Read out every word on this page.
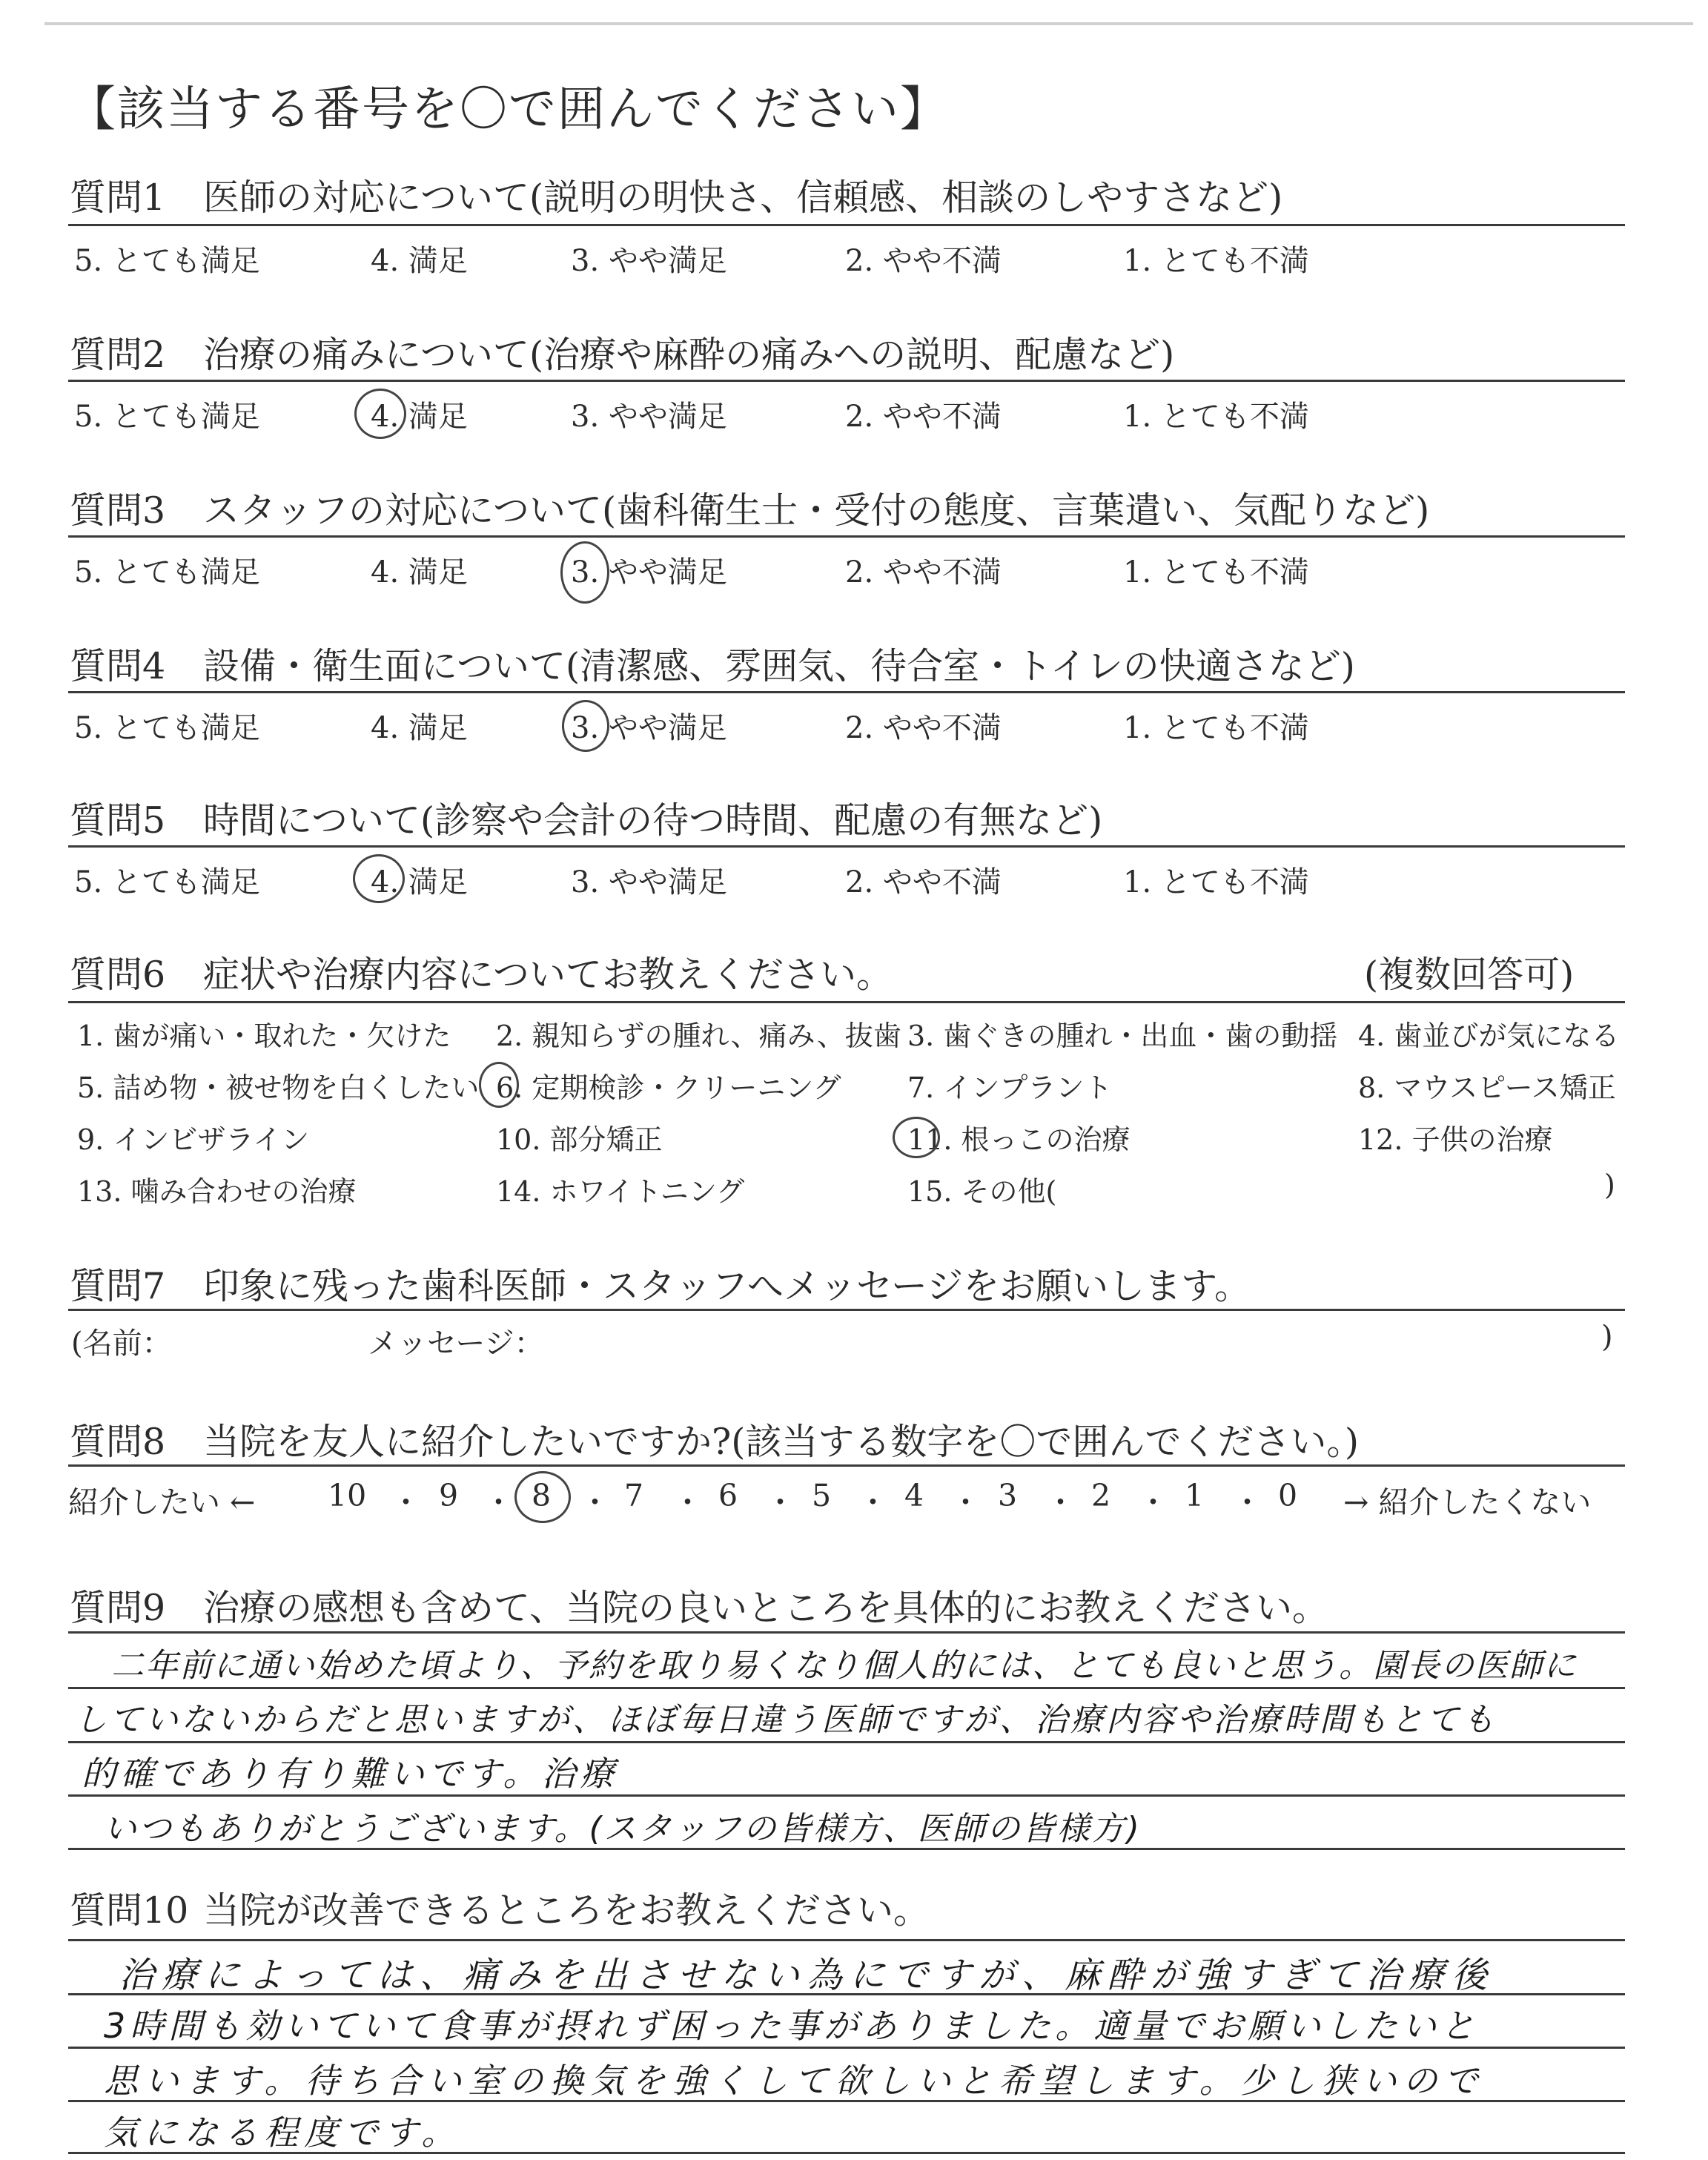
【該当する番号を〇で囲んでください】
質問1 医師の対応について(説明の明快さ、信頼感、相談のしやすさなど)
5. とても満足	4. 満足	3. やや満足	2. やや不満	1. とても不満
質問2 治療の痛みについて(治療や麻酔の痛みへの説明、配慮など)
5. とても満足	4. 満足	3. やや満足	2. やや不満	1. とても不満
質問3 スタッフの対応について(歯科衛生士・受付の態度、言葉遣い、気配りなど)
5. とても満足	4. 満足	3. やや満足	2. やや不満	1. とても不満
質問4 設備・衛生面について(清潔感、雰囲気、待合室・トイレの快適さなど)
5. とても満足	4. 満足	3. やや満足	2. やや不満	1. とても不満
質問5 時間について(診察や会計の待つ時間、配慮の有無など)
5. とても満足	4. 満足	3. やや満足	2. やや不満	1. とても不満
質問6 症状や治療内容についてお教えください。	(複数回答可)
1. 歯が痛い・取れた・欠けた 2. 親知らずの腫れ、痛み、抜歯 3. 歯ぐきの腫れ・出血・歯の動揺 4. 歯並びが気になる
5. 詰め物・被せ物を白くしたい 6. 定期検診・クリーニング 7. インプラント	8. マウスピース矯正
9. インビザライン	10. 部分矯正	11. 根っこの治療	12. 子供の治療
13. 噛み合わせの治療	14. ホワイトニング	15. その他(	)
質問7 印象に残った歯科医師・スタッフへメッセージをお願いします。
(名前：	メッセージ：	)
質問8 当院を友人に紹介したいですか?(該当する数字を〇で囲んでください。)
紹介したい ← 10 ・ 9 ・ 8 ・ 7 ・ 6 ・ 5 ・ 4 ・ 3 ・ 2 ・ 1 ・ 0 → 紹介したくない
質問9 治療の感想も含めて、当院の良いところを具体的にお教えください。
二年前に通い始めた頃より、予約を取り易くなり個人的には、とても良いと思う。園長の医師に
していないからだと思いますが、ほぼ毎日違う医師ですが、治療内容や治療時間もとても
的確であり有り難いです。治療
いつもありがとうございます。(スタッフの皆様方、医師の皆様方)
質問10 当院が改善できるところをお教えください。
治療によっては、痛みを出させない為にですが、麻酔が強すぎて治療後
3時間も効いていて食事が摂れず困った事がありました。適量でお願いしたいと
思います。待ち合い室の換気を強くして欲しいと希望します。少し狭いので
気になる程度です。
